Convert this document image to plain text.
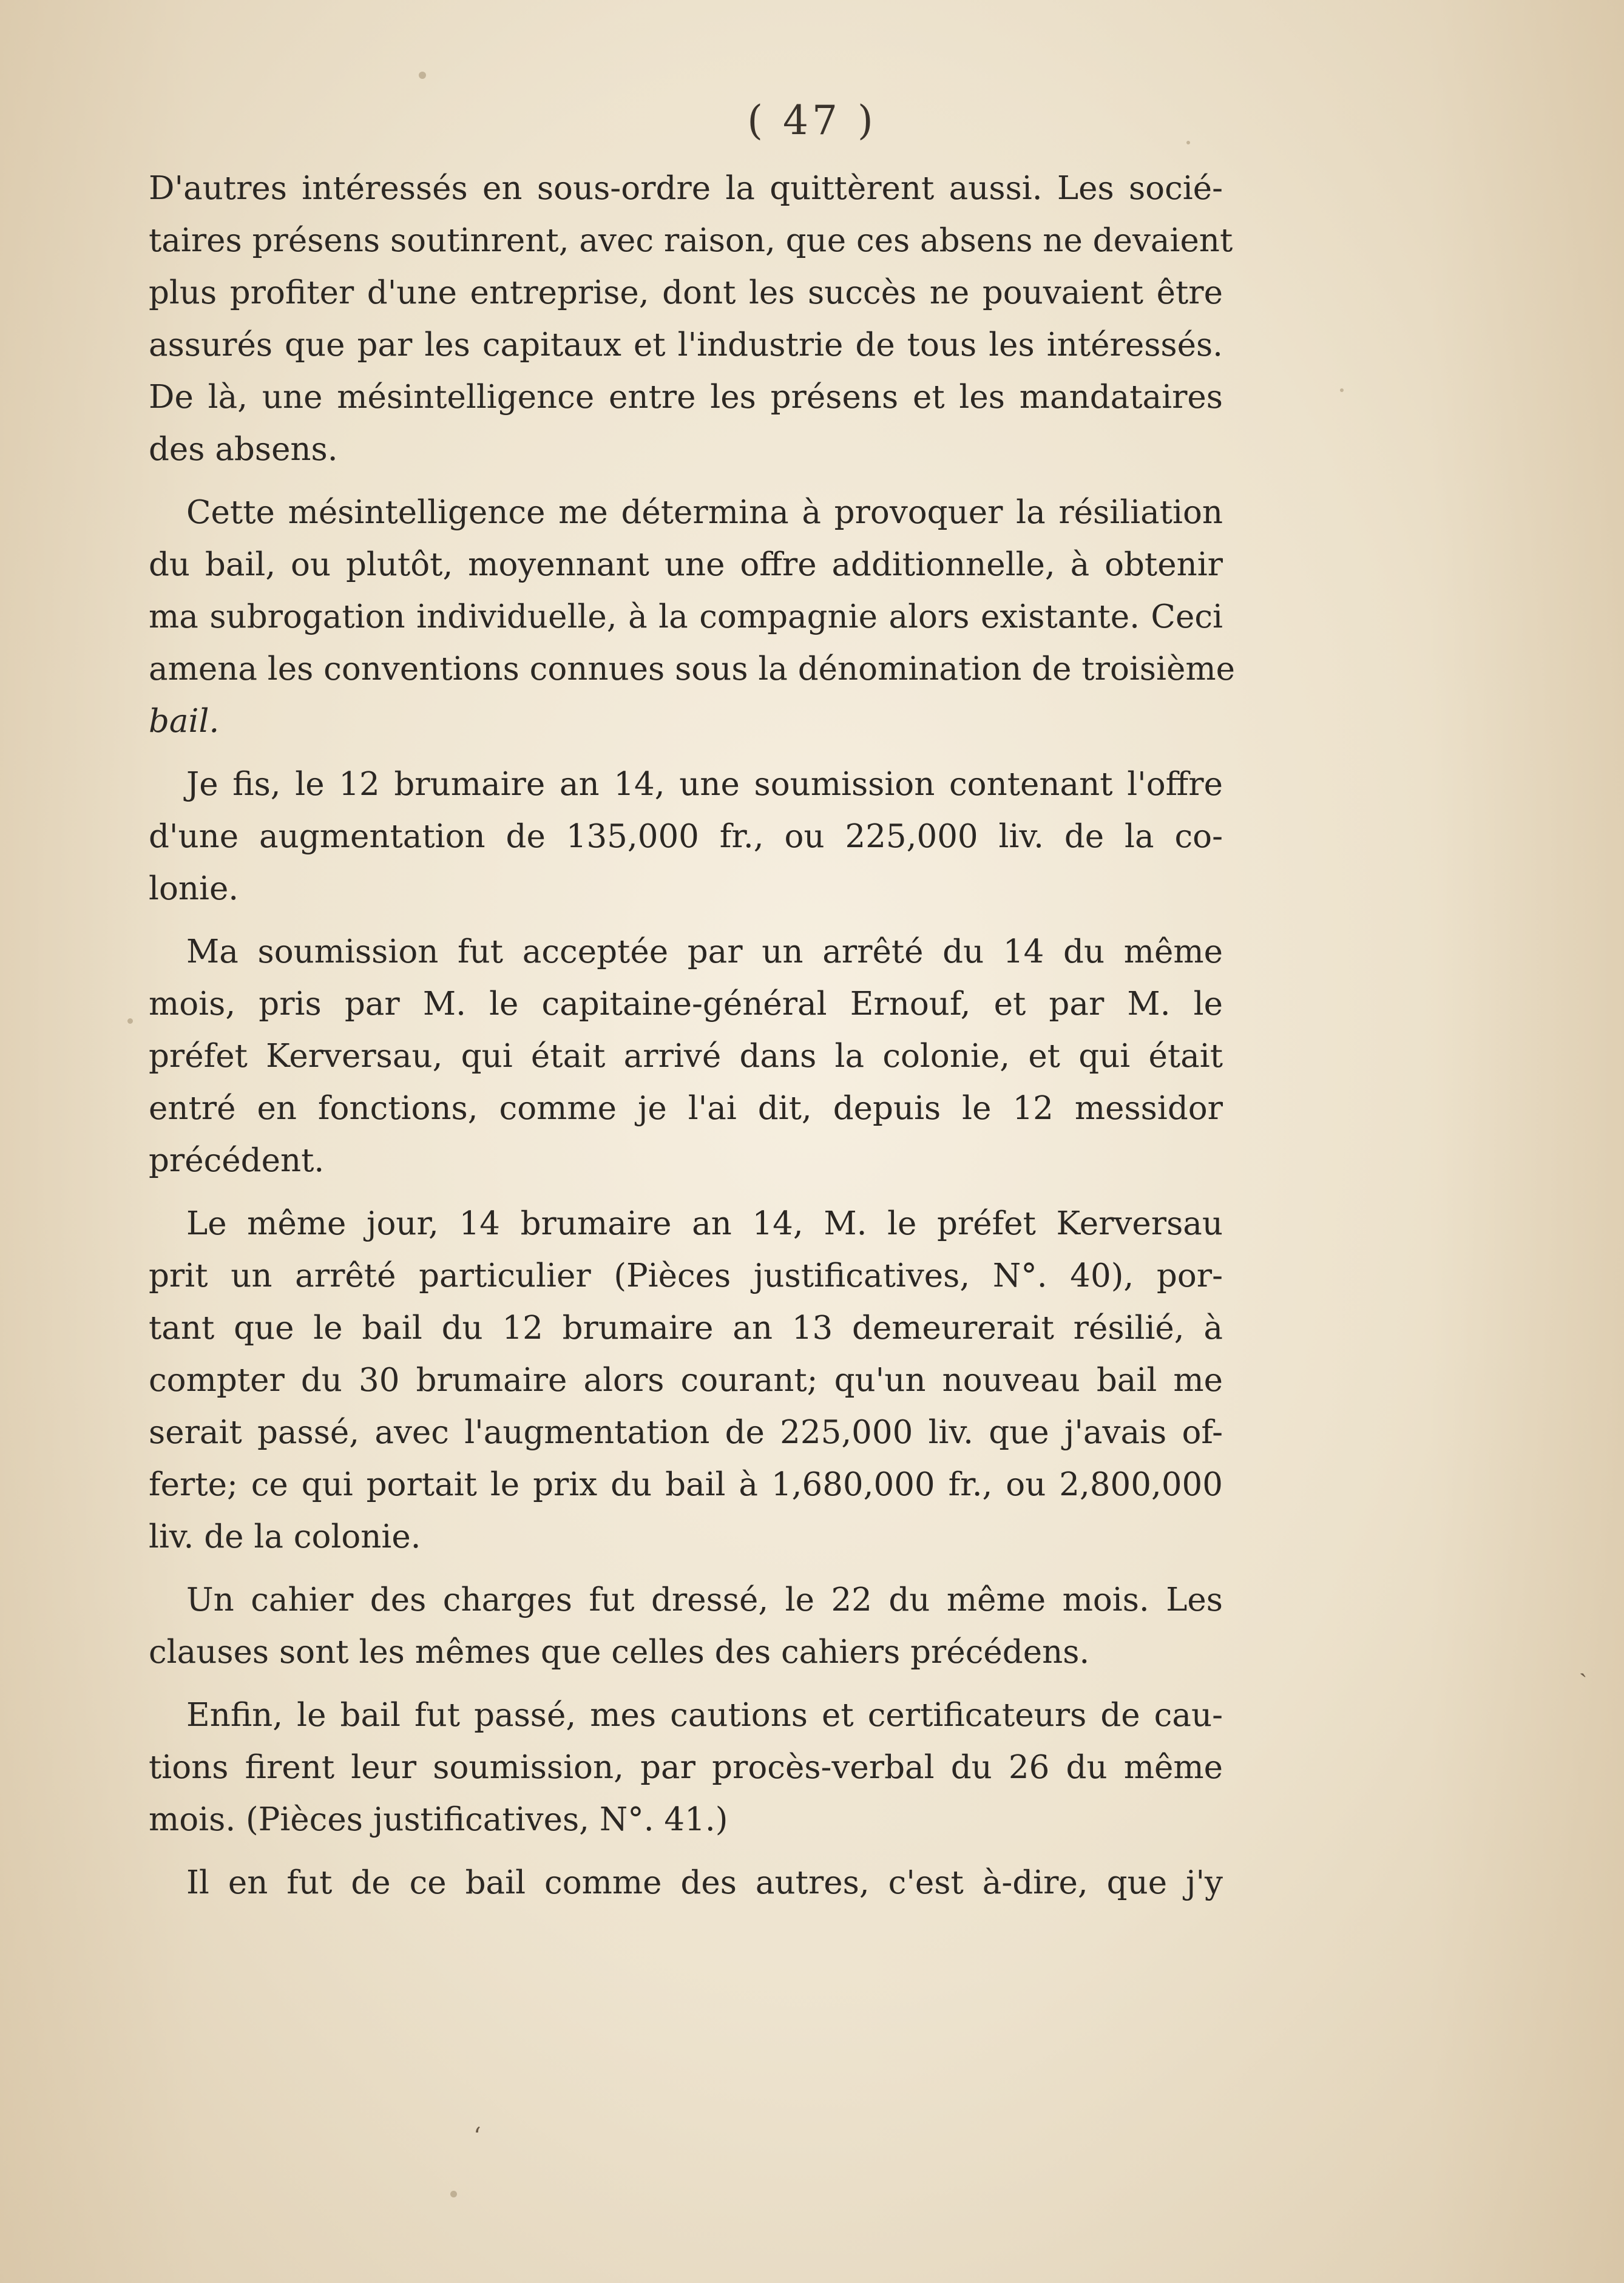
ʻ
ˎ
( 47 )

D'autres intéressés en sous-ordre la quittèrent aussi. Les socié-
taires présens soutinrent, avec raison, que ces absens ne devaient
plus profiter d'une entreprise, dont les succès ne pouvaient être
assurés que par les capitaux et l'industrie de tous les intéressés.
De là, une mésintelligence entre les présens et les mandataires
des absens.

Cette mésintelligence me détermina à provoquer la résiliation
du bail, ou plutôt, moyennant une offre additionnelle, à obtenir
ma subrogation individuelle, à la compagnie alors existante. Ceci
amena les conventions connues sous la dénomination de troisième
bail.

Je fis, le 12 brumaire an 14, une soumission contenant l'offre
d'une augmentation de 135,000 fr., ou 225,000 liv. de la co-
lonie.

Ma soumission fut acceptée par un arrêté du 14 du même
mois, pris par M. le capitaine-général Ernouf, et par M. le
préfet Kerversau, qui était arrivé dans la colonie, et qui était
entré en fonctions, comme je l'ai dit, depuis le 12 messidor
précédent.

Le même jour, 14 brumaire an 14, M. le préfet Kerversau
prit un arrêté particulier (Pièces justificatives, N°. 40), por-
tant que le bail du 12 brumaire an 13 demeurerait résilié, à
compter du 30 brumaire alors courant; qu'un nouveau bail me
serait passé, avec l'augmentation de 225,000 liv. que j'avais of-
ferte; ce qui portait le prix du bail à 1,680,000 fr., ou 2,800,000
liv. de la colonie.

Un cahier des charges fut dressé, le 22 du même mois. Les
clauses sont les mêmes que celles des cahiers précédens.

Enfin, le bail fut passé, mes cautions et certificateurs de cau-
tions firent leur soumission, par procès-verbal du 26 du même
mois. (Pièces justificatives, N°. 41.)

Il en fut de ce bail comme des autres, c'est à-dire, que j'y
